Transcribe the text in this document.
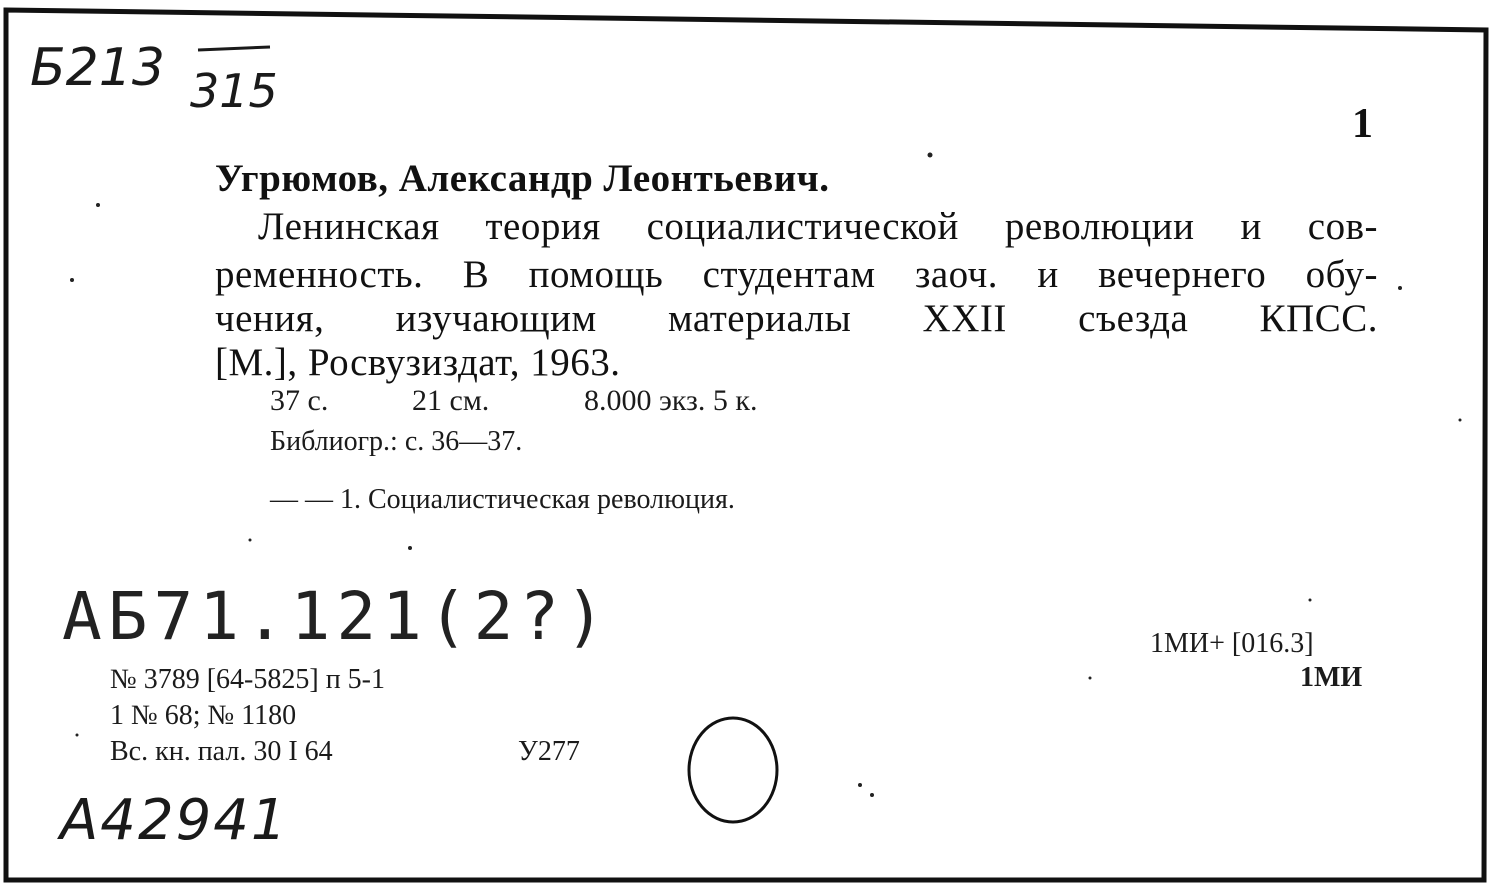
Б213 315
1
Угрюмов, Александр Леонтьевич.
Ленинская теория социалистической революции и сов-
ременность. В помощь студентам заоч. и вечернего обу-
чения, изучающим материалы XXII съезда КПСС.
[М.], Росвузиздат, 1963.
37 с.	21 см.	8.000 экз. 5 к.
Библиогр.: с. 36—37.
— — 1. Социалистическая революция.
АБ71.121(2?)
№ 3789 [64-5825] п 5-1
1 № 68; № 1180
Вс. кн. пал. 30 I 64	У277
1МИ+ [016.3]
1МИ
А42941
